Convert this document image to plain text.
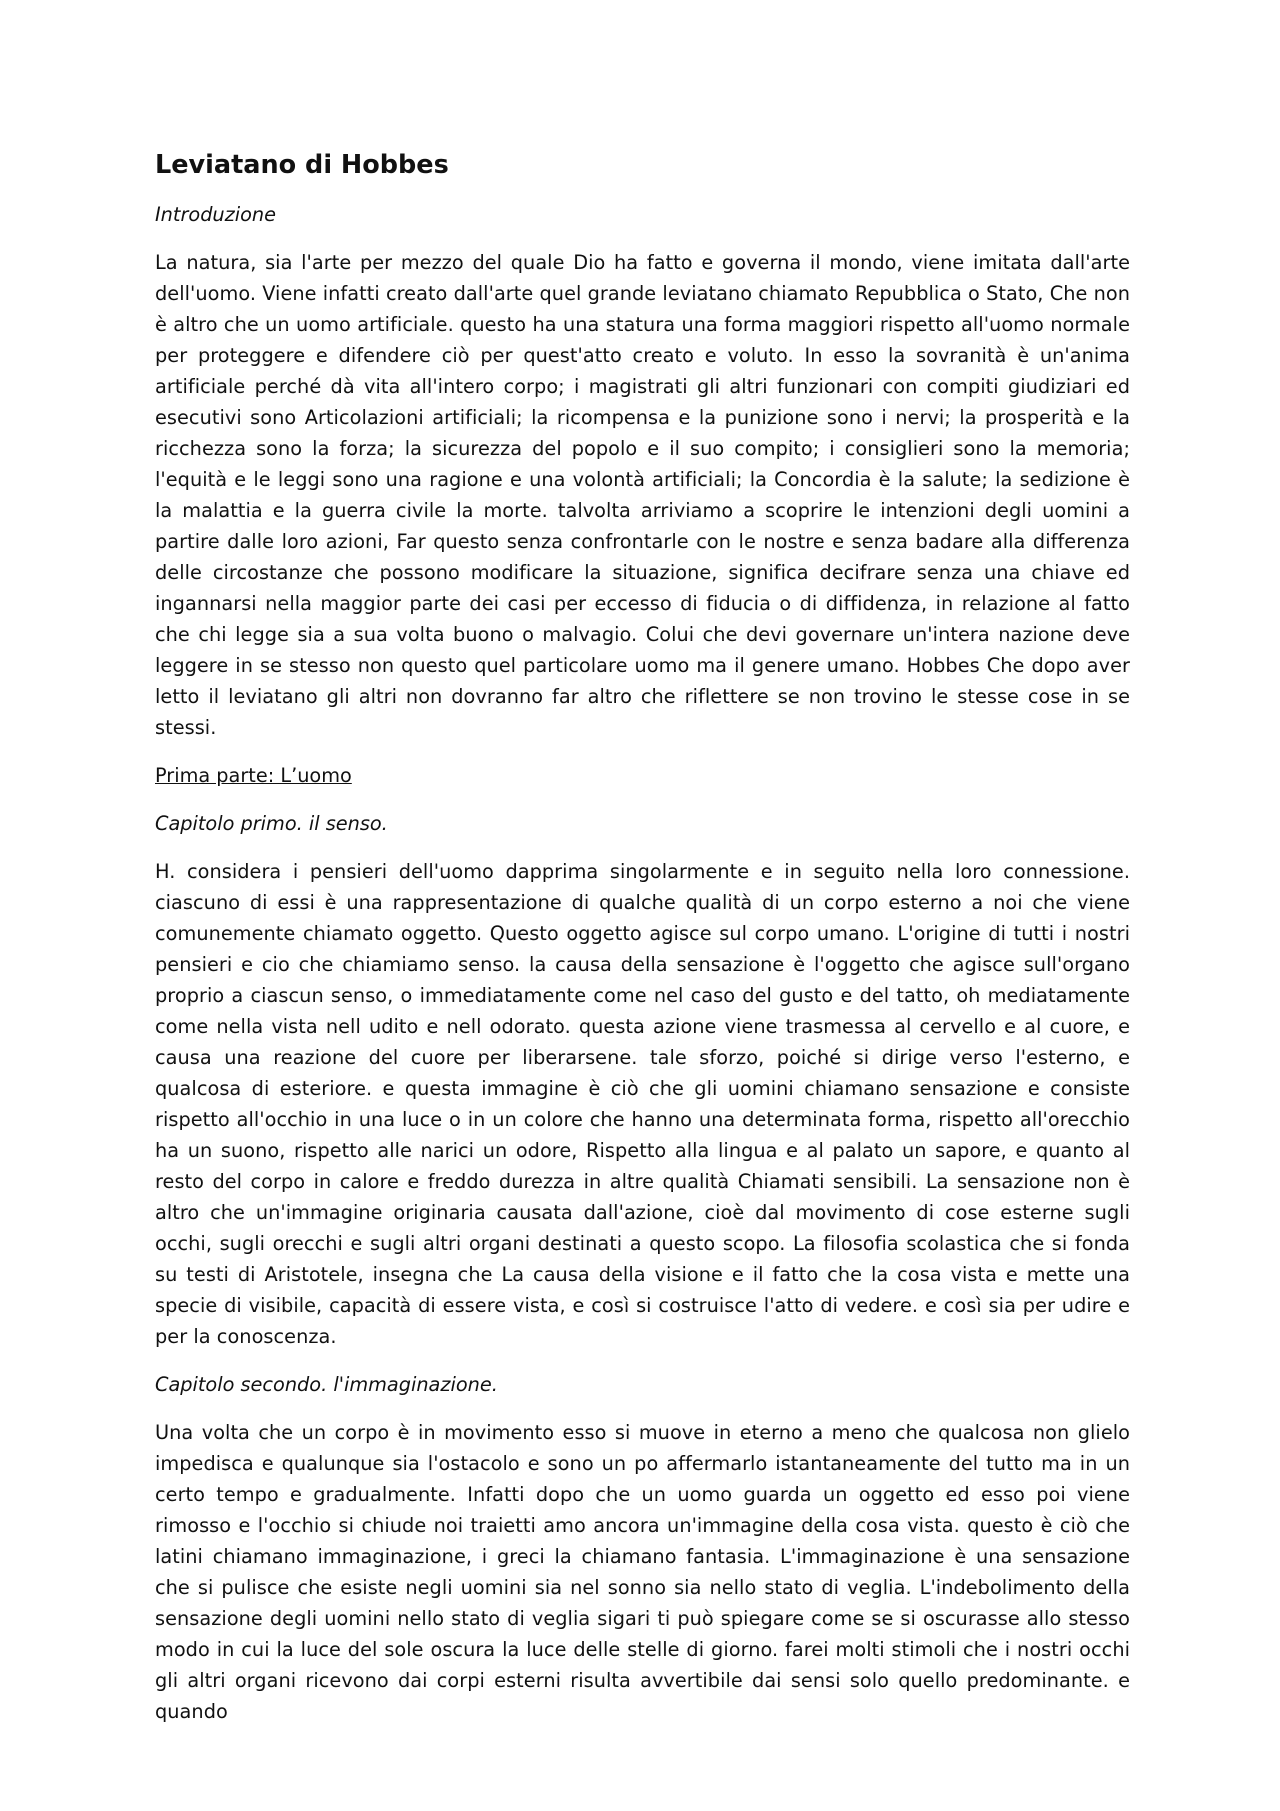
Leviatano di Hobbes

Introduzione

La natura, sia l'arte per mezzo del quale Dio ha fatto e governa il mondo, viene imitata dall'arte dell'uomo. Viene infatti creato dall'arte quel grande leviatano chiamato Repubblica o Stato, Che non è altro che un uomo artificiale. questo ha una statura una forma maggiori rispetto all'uomo normale per proteggere e difendere ciò per quest'atto creato e voluto. In esso la sovranità è un'anima artificiale perché dà vita all'intero corpo; i magistrati gli altri funzionari con compiti giudiziari ed esecutivi sono Articolazioni artificiali; la ricompensa e la punizione sono i nervi; la prosperità e la ricchezza sono la forza; la sicurezza del popolo e il suo compito; i consiglieri sono la memoria; l'equità e le leggi sono una ragione e una volontà artificiali; la Concordia è la salute; la sedizione è la malattia e la guerra civile la morte. talvolta arriviamo a scoprire le intenzioni degli uomini a partire dalle loro azioni, Far questo senza confrontarle con le nostre e senza badare alla differenza delle circostanze che possono modificare la situazione, significa decifrare senza una chiave ed ingannarsi nella maggior parte dei casi per eccesso di fiducia o di diffidenza, in relazione al fatto che chi legge sia a sua volta buono o malvagio. Colui che devi governare un'intera nazione deve leggere in se stesso non questo quel particolare uomo ma il genere umano. Hobbes Che dopo aver letto il leviatano gli altri non dovranno far altro che riflettere se non trovino le stesse cose in se stessi.

Prima parte: L’uomo

Capitolo primo. il senso.

H. considera i pensieri dell'uomo dapprima singolarmente e in seguito nella loro connessione. ciascuno di essi è una rappresentazione di qualche qualità di un corpo esterno a noi che viene comunemente chiamato oggetto. Questo oggetto agisce sul corpo umano. L'origine di tutti i nostri pensieri e cio che chiamiamo senso. la causa della sensazione è l'oggetto che agisce sull'organo proprio a ciascun senso, o immediatamente come nel caso del gusto e del tatto, oh mediatamente come nella vista nell udito e nell odorato. questa azione viene trasmessa al cervello e al cuore, e causa una reazione del cuore per liberarsene. tale sforzo, poiché si dirige verso l'esterno, e qualcosa di esteriore. e questa immagine è ciò che gli uomini chiamano sensazione e consiste rispetto all'occhio in una luce o in un colore che hanno una determinata forma, rispetto all'orecchio ha un suono, rispetto alle narici un odore, Rispetto alla lingua e al palato un sapore, e quanto al resto del corpo in calore e freddo durezza in altre qualità Chiamati sensibili. La sensazione non è altro che un'immagine originaria causata dall'azione, cioè dal movimento di cose esterne sugli occhi, sugli orecchi e sugli altri organi destinati a questo scopo. La filosofia scolastica che si fonda su testi di Aristotele, insegna che La causa della visione e il fatto che la cosa vista e mette una specie di visibile, capacità di essere vista, e così si costruisce l'atto di vedere. e così sia per udire e per la conoscenza.

Capitolo secondo. l'immaginazione.

Una volta che un corpo è in movimento esso si muove in eterno a meno che qualcosa non glielo impedisca e qualunque sia l'ostacolo e sono un po affermarlo istantaneamente del tutto ma in un certo tempo e gradualmente. Infatti dopo che un uomo guarda un oggetto ed esso poi viene rimosso e l'occhio si chiude noi traietti amo ancora un'immagine della cosa vista. questo è ciò che latini chiamano immaginazione, i greci la chiamano fantasia. L'immaginazione è una sensazione che si pulisce che esiste negli uomini sia nel sonno sia nello stato di veglia. L'indebolimento della sensazione degli uomini nello stato di veglia sigari ti può spiegare come se si oscurasse allo stesso modo in cui la luce del sole oscura la luce delle stelle di giorno. farei molti stimoli che i nostri occhi gli altri organi ricevono dai corpi esterni risulta avvertibile dai sensi solo quello predominante. e quando
